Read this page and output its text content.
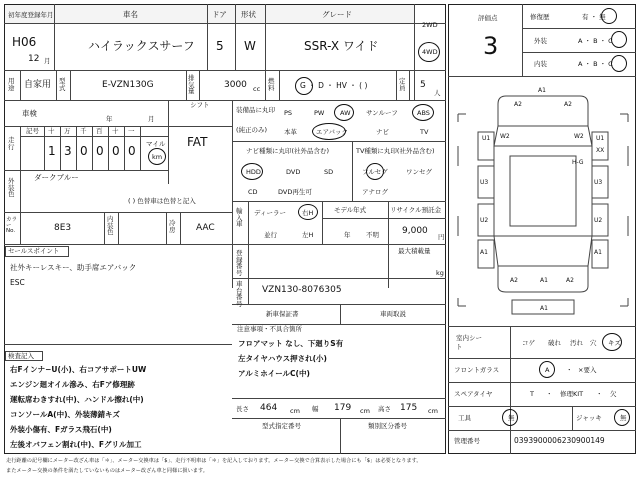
初年度登録年月	車名	ドア 形状	グレード
2WD
4WD
H06
12 月
ハイラックスサーフ 5 W	SSR-X ワイド
用途 自家用 型式	E-VZN130G
排気量
3000 cc
燃料	G ・ D ・ HV ・ ( )	定員 5
人
車検
年	月
シフト
FAT
走行
記号 十 万 千 百 十 一
1 3 0 0 0 0 マイル
km
外装色
ダークブルー
( ) 色替車は色替と記入
カラーNo.	8E3
内装色
冷房 AAC
セールスポイント
社外キーレスキー、助手席エアバック
ESC
検査記入
右Fインナ−U(小)、右コアサポートUW
エンジン廻オイル滲み、右Fア修理跡
運転席わきすれ(中)、ハンドル擦れ(中)
コンソールA(中)、外装薄錆キズ
外装小傷有、Fガラス飛石(中)
左後オバフェン割れ(中)、Fグリル加工
装備品に丸印
(純正のみ)
PS	PW AW サンルーフ	ABS
本革	エアバック	ナビ	TV
ナビ種類に丸印(社外品含む)
HDD	DVD	SD
CD	DVD再生可
TV種類に丸印(社外品含む)
フルセグ	ワンセグ
アナログ
輸入車
ディーラー 右H
並行	左H
モデル年式
年 不明
リサイクル預託金
9,000
円
登録番号
最大積載量
kg
車台番号
VZN130-8076305
新車保証書	車両取説
注意事項・不具合箇所
フロアマット なし、下廻りS有
左タイヤハウス押され(小)
アルミホイールC(中)
長さ 464 cm 幅 179 cm 高さ 175 cm
型式指定番号	類別区分番号
評価点
3
修復歴	有 ・ 無
外装	A ・ B ・ C
内装	A ・ B ・ C
A2
A1
A2
U1	U1
XX
W2	W2
H-G
U3	U3
U2	U2
A1	A1
A2	A1	A2
A1
室内シート
コゲ 破れ 汚れ 穴 キズ
フロントガラス	A	・ ×要入
スペアタイヤ	T ・ 修理KIT ・ 欠
工具	無	ジャッキ	無
管理番号	0393900006230900149
走行距離の記号欄にメーター改ざん車は「＊」、メーター交換車は「$」、走行不明車は「＊」を記入しております。メーター交換で合算表示した場合にも「$」は必要となります。
またメーター交換の条件を満たしていないものはメーター改ざん車と同様に扱います。
